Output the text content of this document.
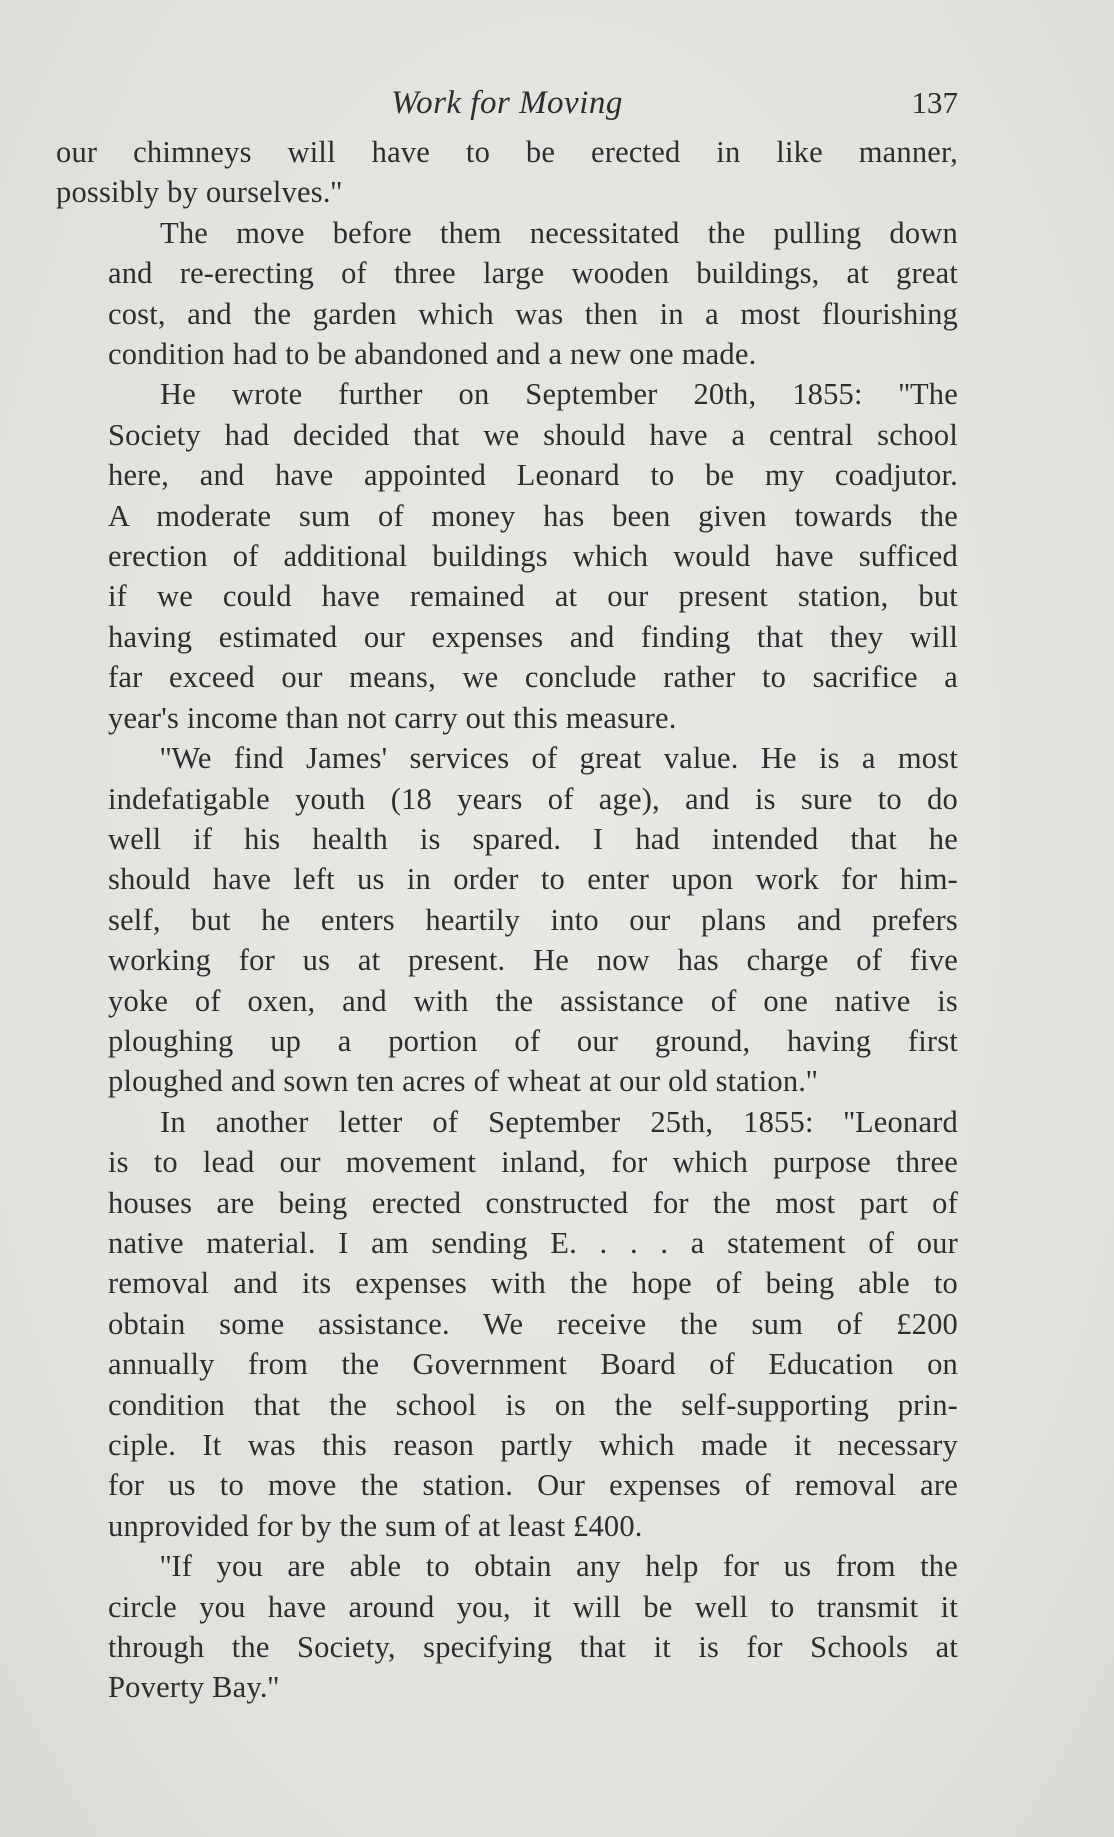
Work for Moving	137

our chimneys will have to be erected in like manner,
possibly by ourselves.''

The move before them necessitated the pulling down
and re-erecting of three large wooden buildings, at great
cost, and the garden which was then in a most flourishing
condition had to be abandoned and a new one made.

He wrote further on September 20th, 1855: ''The
Society had decided that we should have a central school
here, and have appointed Leonard to be my coadjutor.
A moderate sum of money has been given towards the
erection of additional buildings which would have sufficed
if we could have remained at our present station, but
having estimated our expenses and finding that they will
far exceed our means, we conclude rather to sacrifice a
year's income than not carry out this measure.

''We find James' services of great value. He is a most
indefatigable youth (18 years of age), and is sure to do
well if his health is spared. I had intended that he
should have left us in order to enter upon work for him-
self, but he enters heartily into our plans and prefers
working for us at present. He now has charge of five
yoke of oxen, and with the assistance of one native is
ploughing up a portion of our ground, having first
ploughed and sown ten acres of wheat at our old station.''

In another letter of September 25th, 1855: ''Leonard
is to lead our movement inland, for which purpose three
houses are being erected constructed for the most part of
native material. I am sending E. . . . a statement of our
removal and its expenses with the hope of being able to
obtain some assistance. We receive the sum of £200
annually from the Government Board of Education on
condition that the school is on the self-supporting prin-
ciple. It was this reason partly which made it necessary
for us to move the station. Our expenses of removal are
unprovided for by the sum of at least £400.

''If you are able to obtain any help for us from the
circle you have around you, it will be well to transmit it
through the Society, specifying that it is for Schools at
Poverty Bay.''
